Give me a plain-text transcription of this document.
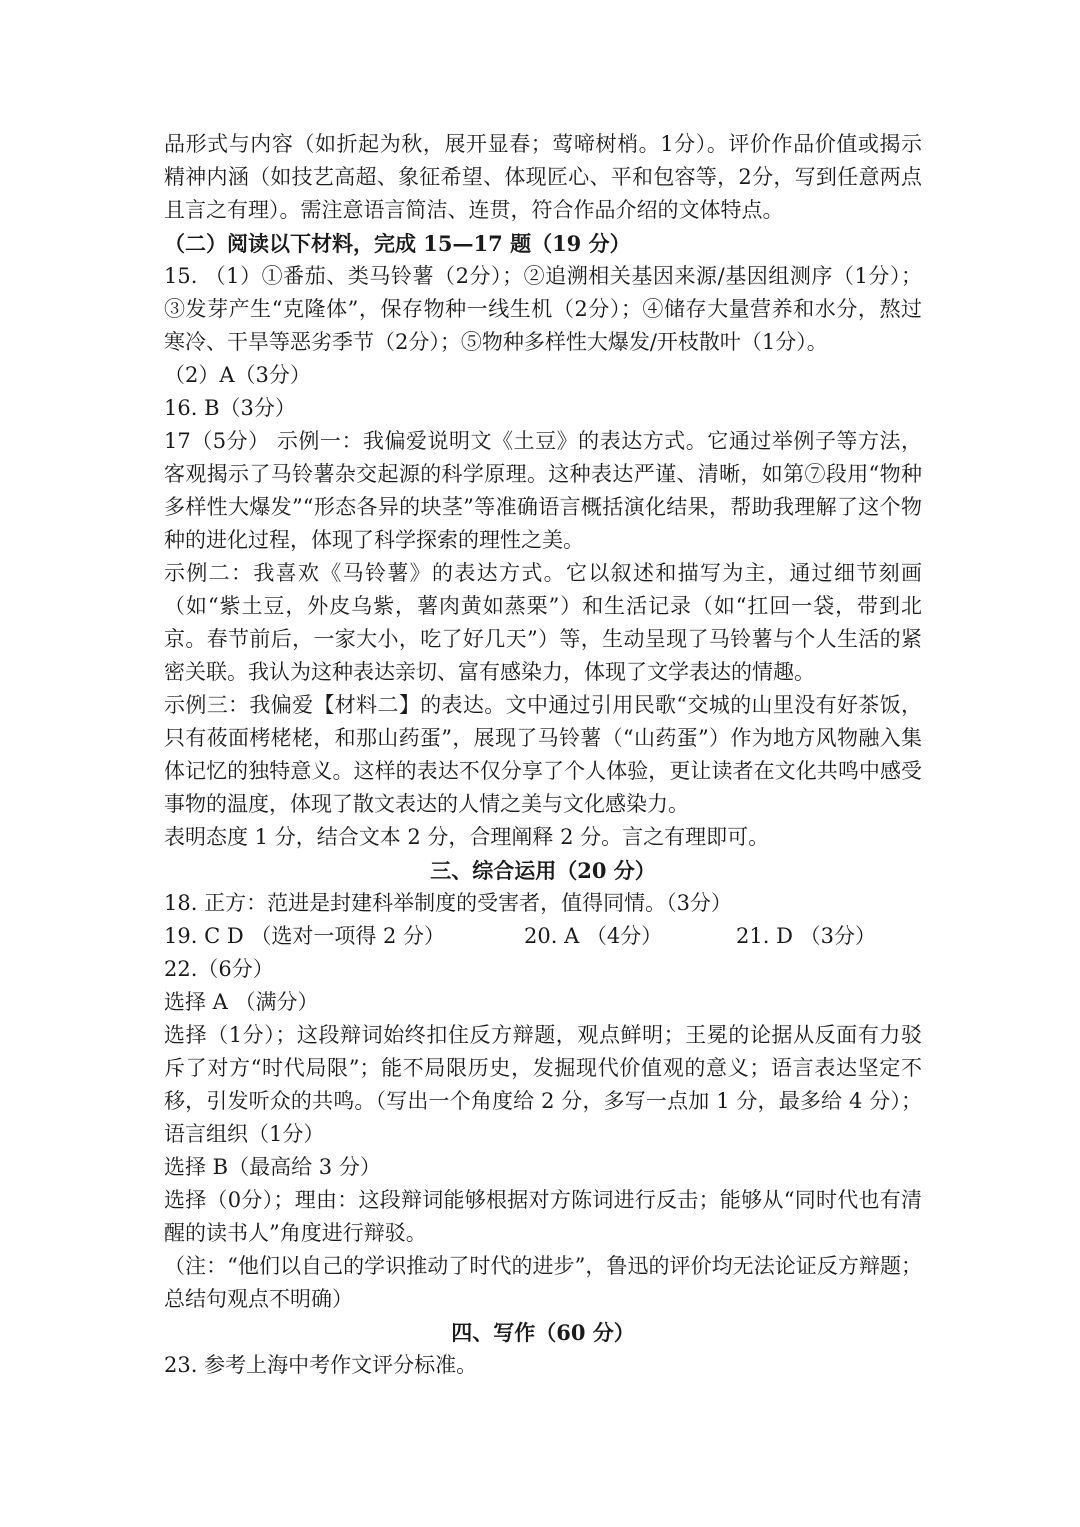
品形式与内容（如折起为秋，展开显春；莺啼树梢。1分）。评价作品价值或揭示精神内涵（如技艺高超、象征希望、体现匠心、平和包容等，2分，写到任意两点且言之有理）。需注意语言简洁、连贯，符合作品介绍的文体特点。

（二）阅读以下材料，完成 15—17 题（19 分）

15. （1）①番茄、类马铃薯（2分）；②追溯相关基因来源/基因组测序（1分）；③发芽产生“克隆体”，保存物种一线生机（2分）；④储存大量营养和水分，熬过寒冷、干旱等恶劣季节（2分）；⑤物种多样性大爆发/开枝散叶（1分）。

（2）A（3分）

16. B（3分）

17（5分） 示例一：我偏爱说明文《土豆》的表达方式。它通过举例子等方法，客观揭示了马铃薯杂交起源的科学原理。这种表达严谨、清晰，如第⑦段用“物种多样性大爆发”“形态各异的块茎”等准确语言概括演化结果，帮助我理解了这个物种的进化过程，体现了科学探索的理性之美。

示例二：我喜欢《马铃薯》的表达方式。它以叙述和描写为主，通过细节刻画（如“紫土豆，外皮乌紫，薯肉黄如蒸栗”）和生活记录（如“扛回一袋，带到北京。春节前后，一家大小，吃了好几天”）等，生动呈现了马铃薯与个人生活的紧密关联。我认为这种表达亲切、富有感染力，体现了文学表达的情趣。

示例三：我偏爱【材料二】的表达。文中通过引用民歌“交城的山里没有好茶饭，只有莜面栲栳栳，和那山药蛋”，展现了马铃薯（“山药蛋”）作为地方风物融入集体记忆的独特意义。这样的表达不仅分享了个人体验，更让读者在文化共鸣中感受事物的温度，体现了散文表达的人情之美与文化感染力。

表明态度 1 分，结合文本 2 分，合理阐释 2 分。言之有理即可。

三、综合运用（20 分）

18. 正方：范进是封建科举制度的受害者，值得同情。（3分）

19. C D （选对一项得 2 分）	20. A （4分）	21. D （3分）

22.（6分）

选择 A （满分）

选择（1分）；这段辩词始终扣住反方辩题，观点鲜明；王冕的论据从反面有力驳斥了对方“时代局限”；能不局限历史，发掘现代价值观的意义；语言表达坚定不移，引发听众的共鸣。（写出一个角度给 2 分，多写一点加 1 分，最多给 4 分）；语言组织（1分）

选择 B（最高给 3 分）

选择（0分）；理由：这段辩词能够根据对方陈词进行反击；能够从“同时代也有清醒的读书人”角度进行辩驳。

（注：“他们以自己的学识推动了时代的进步”，鲁迅的评价均无法论证反方辩题；总结句观点不明确）

四、写作（60 分）

23. 参考上海中考作文评分标准。
